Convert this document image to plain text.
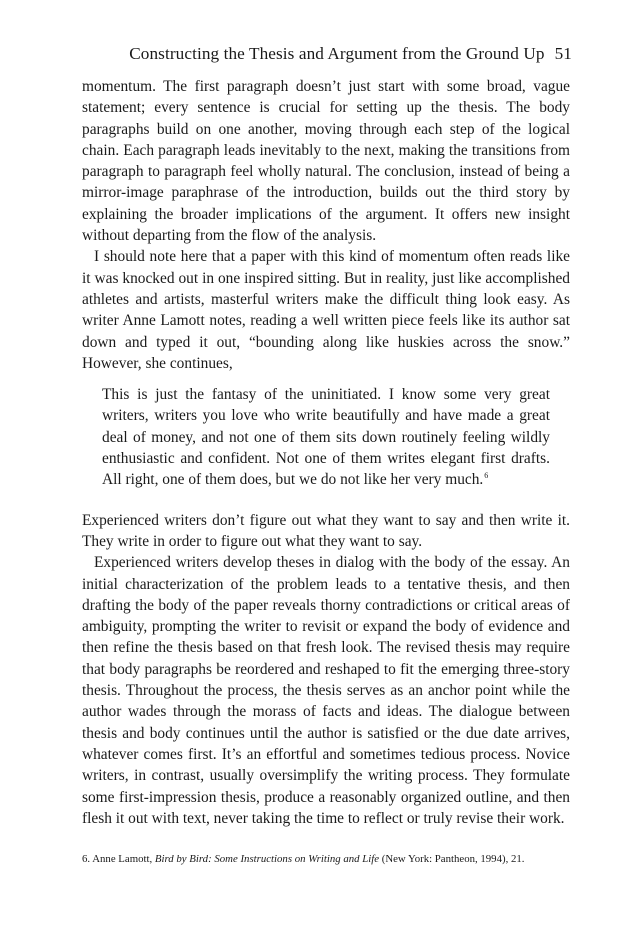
Constructing the Thesis and Argument from the Ground Up 51

momentum. The first paragraph doesn’t just start with some broad, vague statement; every sentence is crucial for setting up the thesis. The body paragraphs build on one another, moving through each step of the logical chain. Each paragraph leads inevitably to the next, making the transitions from paragraph to paragraph feel wholly natural. The conclusion, instead of being a mirror-image paraphrase of the introduction, builds out the third story by explaining the broader implications of the argument. It offers new insight without departing from the flow of the analysis.

I should note here that a paper with this kind of momentum often reads like it was knocked out in one inspired sitting. But in reality, just like accomplished athletes and artists, masterful writers make the difficult thing look easy. As writer Anne Lamott notes, reading a well written piece feels like its author sat down and typed it out, “bounding along like huskies across the snow.” However, she continues,

This is just the fantasy of the uninitiated. I know some very great writers, writers you love who write beautifully and have made a great deal of money, and not one of them sits down routinely feeling wildly enthusiastic and confident. Not one of them writes elegant first drafts. All right, one of them does, but we do not like her very much.$^6$

Experienced writers don’t figure out what they want to say and then write it. They write in order to figure out what they want to say.

Experienced writers develop theses in dialog with the body of the essay. An initial characterization of the problem leads to a tentative thesis, and then drafting the body of the paper reveals thorny contradictions or critical areas of ambiguity, prompting the writer to revisit or expand the body of evidence and then refine the thesis based on that fresh look. The revised thesis may require that body paragraphs be reordered and reshaped to fit the emerging three-story thesis. Throughout the process, the thesis serves as an anchor point while the author wades through the morass of facts and ideas. The dialogue between thesis and body continues until the author is satisfied or the due date arrives, whatever comes first. It’s an effortful and sometimes tedious process. Novice writers, in contrast, usually oversimplify the writing process. They formulate some first-impression thesis, produce a reasonably organized outline, and then flesh it out with text, never taking the time to reflect or truly revise their work.

6. Anne Lamott, Bird by Bird: Some Instructions on Writing and Life (New York: Pantheon, 1994), 21.
